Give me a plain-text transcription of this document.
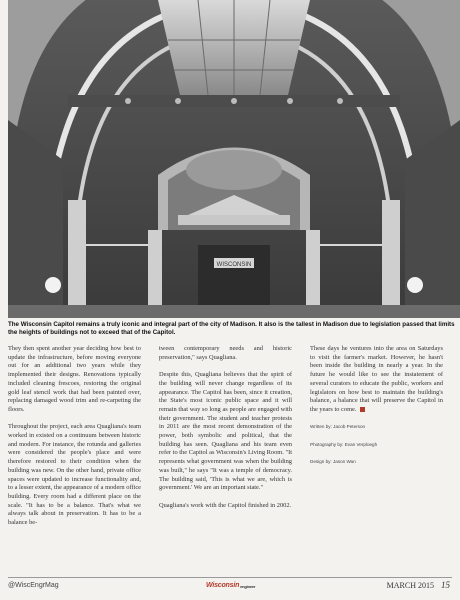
WISCONSIN
The Wisconsin Capitol remains a truly iconic and integral part of the city of Madison. It also is the tallest in Madison due to legislation passed that limits the heights of buildings not to exceed that of the Capitol.

They then spent another year deciding how best to update the infrastructure, before moving everyone out for an additional two years while they implemented their designs. Renovations typically included cleaning frescoes, restoring the original gold leaf stencil work that had been painted over, replacing damaged wood trim and re-carpeting the floors.

Throughout the project, each area Quagliana's team worked in existed on a continuum between historic and modern. For instance, the rotunda and galleries were considered the people's place and were therefore restored to their condition when the building was new. On the other hand, private office spaces were updated to increase functionality and, to a lesser extent, the appearance of a modern office building. Every room had a different place on the scale. "It has to be a balance. That's what we always talk about in preservation. It has to be a balance be-

tween contemporary needs and historic preservation," says Quagliana.

Despite this, Quagliana believes that the spirit of the building will never change regardless of its appearance. The Capitol has been, since it creation, the State's most iconic public space and it will remain that way so long as people are engaged with their government. The student and teacher protests in 2011 are the most recent demonstration of the power, both symbolic and political, that the building has seen. Quagliana and his team even refer to the Capitol as Wisconsin's Living Room. "It represents what government was when the building was built," he says "It was a temple of democracy. The building said, 'This is what we are, which is government.' We are an important state."

Quagliana's work with the Capitol finished in 2002.

These days he ventures into the area on Saturdays to visit the farmer's market. However, he hasn't been inside the building in nearly a year. In the future he would like to see the instatement of several curators to educate the public, workers and legislators on how best to maintain the building's balance, a balance that will preserve the Capitol in the years to come.

Written by: Jacob Peterson

Photography by: Evan Verploegh

Design by: Jason Wan

@WiscEngrMag	Wisconsinengineer	MARCH 2015 15
